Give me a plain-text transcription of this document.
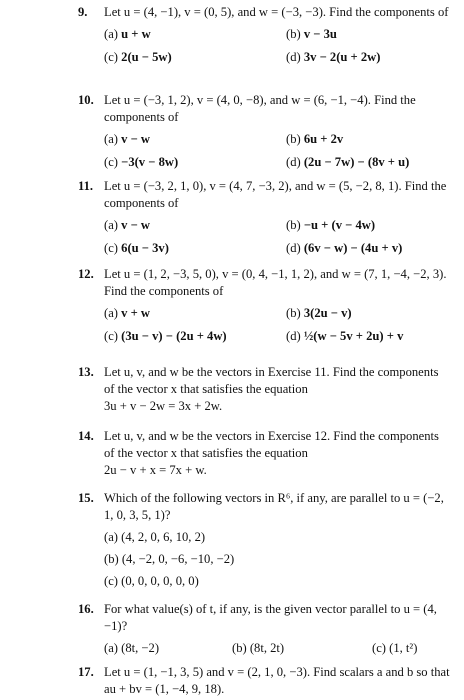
9. Let u = (4, −1), v = (0, 5), and w = (−3, −3). Find the components of
(a) u + w	(b) v − 3u
(c) 2(u − 5w)	(d) 3v − 2(u + 2w)
10. Let u = (−3, 1, 2), v = (4, 0, −8), and w = (6, −1, −4). Find the components of
(a) v − w	(b) 6u + 2v
(c) −3(v − 8w)	(d) (2u − 7w) − (8v + u)
11. Let u = (−3, 2, 1, 0), v = (4, 7, −3, 2), and w = (5, −2, 8, 1). Find the components of
(a) v − w	(b) −u + (v − 4w)
(c) 6(u − 3v)	(d) (6v − w) − (4u + v)
12. Let u = (1, 2, −3, 5, 0), v = (0, 4, −1, 1, 2), and w = (7, 1, −4, −2, 3). Find the components of
(a) v + w	(b) 3(2u − v)
(c) (3u − v) − (2u + 4w)	(d) ½(w − 5v + 2u) + v
13. Let u, v, and w be the vectors in Exercise 11. Find the components of the vector x that satisfies the equation
3u + v − 2w = 3x + 2w.
14. Let u, v, and w be the vectors in Exercise 12. Find the components of the vector x that satisfies the equation
2u − v + x = 7x + w.
15. Which of the following vectors in R⁶, if any, are parallel to u = (−2, 1, 0, 3, 5, 1)?
(a) (4, 2, 0, 6, 10, 2)
(b) (4, −2, 0, −6, −10, −2)
(c) (0, 0, 0, 0, 0, 0)
16. For what value(s) of t, if any, is the given vector parallel to u = (4, −1)?
(a) (8t, −2)	(b) (8t, 2t)	(c) (1, t²)
17. Let u = (1, −1, 3, 5) and v = (2, 1, 0, −3). Find scalars a and b so that au + bv = (1, −4, 9, 18).
